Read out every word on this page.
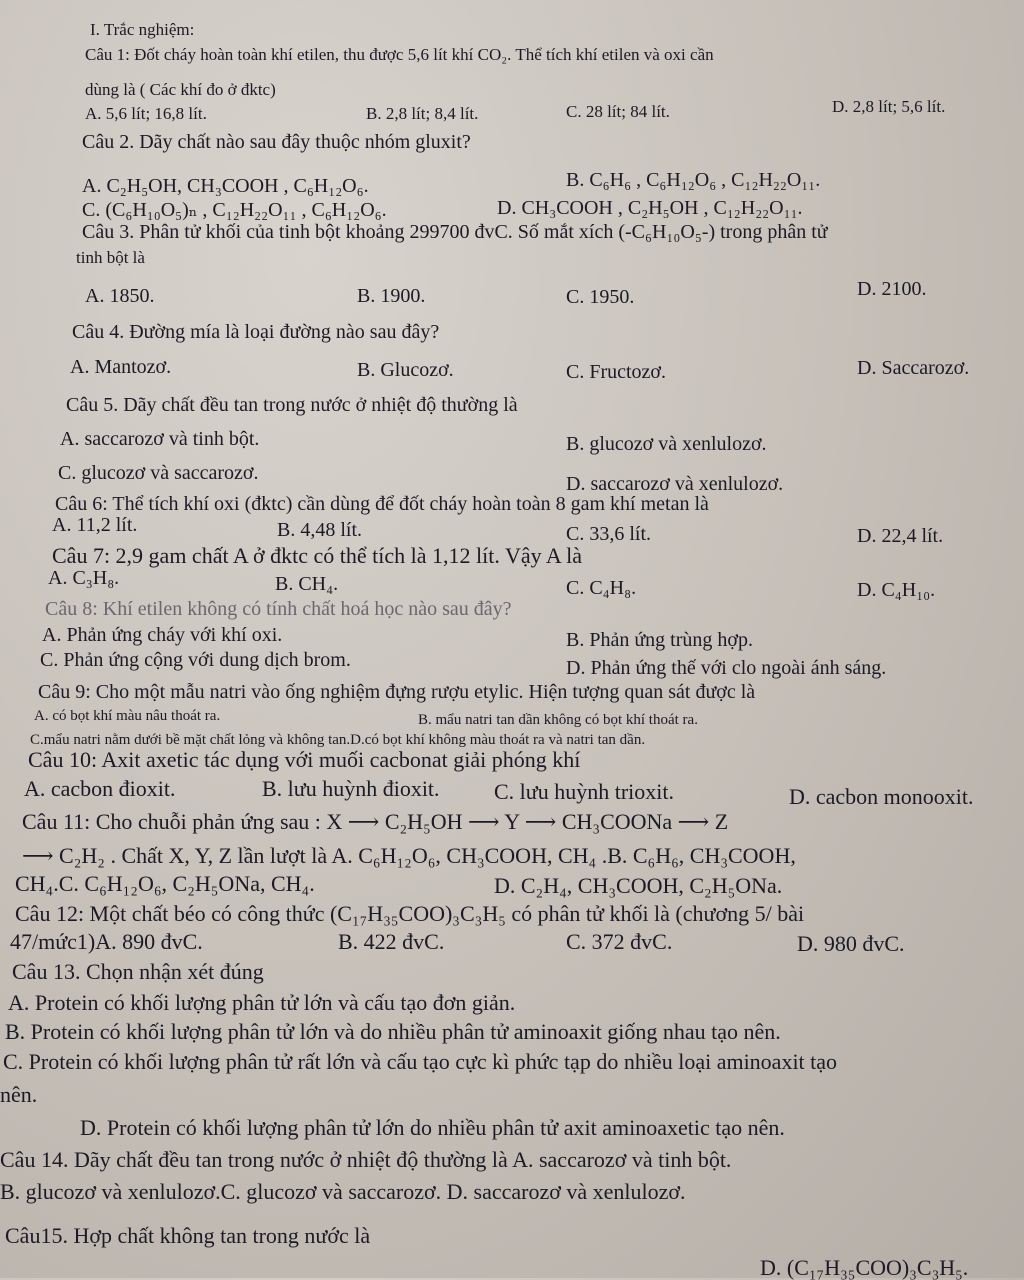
I. Trắc nghiệm:
Câu 1: Đốt cháy hoàn toàn khí etilen, thu được 5,6 lít khí CO₂. Thể tích khí etilen và oxi cần
dùng là ( Các khí đo ở đktc)
A. 5,6 lít; 16,8 lít.	B. 2,8 lít; 8,4 lít.	C. 28 lít; 84 lít.	D. 2,8 lít; 5,6 lít.
Câu 2. Dãy chất nào sau đây thuộc nhóm gluxit?
A. C₂H₅OH, CH₃COOH , C₆H₁₂O₆.	B. C₆H₆ , C₆H₁₂O₆ , C₁₂H₂₂O₁₁.
C. (C₆H₁₀O₅)ₙ , C₁₂H₂₂O₁₁ , C₆H₁₂O₆.	D. CH₃COOH , C₂H₅OH , C₁₂H₂₂O₁₁.
Câu 3. Phân tử khối của tinh bột khoảng 299700 đvC. Số mắt xích (-C₆H₁₀O₅-) trong phân tử
tinh bột là
A. 1850.	B. 1900.	C. 1950.	D. 2100.
Câu 4. Đường mía là loại đường nào sau đây?
A. Mantozơ.	B. Glucozơ.	C. Fructozơ.	D. Saccarozơ.
Câu 5. Dãy chất đều tan trong nước ở nhiệt độ thường là
A. saccarozơ và tinh bột.	B. glucozơ và xenlulozơ.
C. glucozơ và saccarozơ.	D. saccarozơ và xenlulozơ.
Câu 6: Thể tích khí oxi (đktc) cần dùng để đốt cháy hoàn toàn 8 gam khí metan là
A. 11,2 lít.	B. 4,48 lít.	C. 33,6 lít.	D. 22,4 lít.
Câu 7: 2,9 gam chất A ở đktc có thể tích là 1,12 lít. Vậy A là
A. C₃H₈.	B. CH₄.	C. C₄H₈.	D. C₄H₁₀.
Câu 8: Khí etilen không có tính chất hoá học nào sau đây?
A. Phản ứng cháy với khí oxi.	B. Phản ứng trùng hợp.
C. Phản ứng cộng với dung dịch brom.	D. Phản ứng thế với clo ngoài ánh sáng.
Câu 9: Cho một mẫu natri vào ống nghiệm đựng rượu etylic. Hiện tượng quan sát được là
A. có bọt khí màu nâu thoát ra.	B. mẩu natri tan dần không có bọt khí thoát ra.
C.mẩu natri nằm dưới bề mặt chất lỏng và không tan.D.có bọt khí không màu thoát ra và natri tan dần.
Câu 10: Axit axetic tác dụng với muối cacbonat giải phóng khí
A. cacbon đioxit.	B. lưu huỳnh đioxit. C. lưu huỳnh trioxit.	D. cacbon monooxit.
Câu 11: Cho chuỗi phản ứng sau : X ⟶ C₂H₅OH ⟶ Y ⟶ CH₃COONa ⟶ Z
⟶ C₂H₂ . Chất X, Y, Z lần lượt là A. C₆H₁₂O₆, CH₃COOH, CH₄ .B. C₆H₆, CH₃COOH,
CH₄.C. C₆H₁₂O₆, C₂H₅ONa, CH₄.	D. C₂H₄, CH₃COOH, C₂H₅ONa.
Câu 12: Một chất béo có công thức (C₁₇H₃₅COO)₃C₃H₅ có phân tử khối là (chương 5/ bài
47/mức1)A. 890 đvC.	B. 422 đvC.	C. 372 đvC.	D. 980 đvC.
Câu 13. Chọn nhận xét đúng
A. Protein có khối lượng phân tử lớn và cấu tạo đơn giản.
B. Protein có khối lượng phân tử lớn và do nhiều phân tử aminoaxit giống nhau tạo nên.
C. Protein có khối lượng phân tử rất lớn và cấu tạo cực kì phức tạp do nhiều loại aminoaxit tạo
nên.
D. Protein có khối lượng phân tử lớn do nhiều phân tử axit aminoaxetic tạo nên.
Câu 14. Dãy chất đều tan trong nước ở nhiệt độ thường là A. saccarozơ và tinh bột.
B. glucozơ và xenlulozơ.C. glucozơ và saccarozơ. D. saccarozơ và xenlulozơ.
Câu15. Hợp chất không tan trong nước là
D. (C₁₇H₃₅COO)₃C₃H₅.
